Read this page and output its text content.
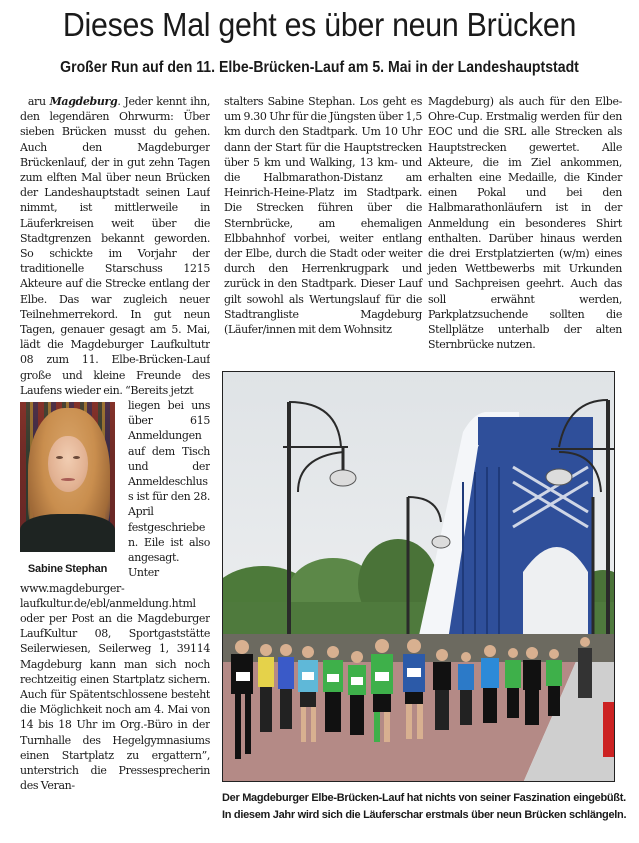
Dieses Mal geht es über neun Brücken
Großer Run auf den 11. Elbe-Brücken-Lauf am 5. Mai in der Landeshauptstadt
aru Magdeburg. Jeder kennt ihn, den legendären Ohrwurm: Über sieben Brücken musst du gehen. Auch den Magdeburger Brückenlauf, der in gut zehn Tagen zum elften Mal über neun Brücken der Landeshauptstadt seinen Lauf nimmt, ist mittlerweile in Läuferkreisen weit über die Stadtgrenzen bekannt geworden. So schickte im Vorjahr der traditionelle Starschuss 1215 Akteure auf die Strecke entlang der Elbe. Das war zugleich neuer Teilnehmerrekord. In gut neun Tagen, genauer gesagt am 5. Mai, lädt die Magdeburger Laufkultutr 08 zum 11. Elbe-Brücken-Lauf große und kleine Freunde des Laufens wieder ein. “Bereits jetzt
Sabine Stephan
liegen bei uns über 615 Anmeldungen auf dem Tisch und der Anmeldeschluss ist für den 28. April festgeschrieben. Eile ist also angesagt. Unter www.magdeburger-laufkultur.de/ebl/anmeldung.html oder per Post an die Magdeburger LaufKultur 08, Sportgaststätte Seilerwiesen, Seilerweg 1, 39114 Magdeburg kann man sich noch rechtzeitig einen Startplatz sichern. Auch für Spätentschlossene besteht die Möglichkeit noch am 4. Mai von 14 bis 18 Uhr im Org.-Büro in der Turnhalle des Hegelgymnasiums einen Startplatz zu ergattern”, unterstrich die Pressesprecherin des Veran-
stalters Sabine Stephan. Los geht es um 9.30 Uhr für die Jüngsten über 1,5 km durch den Stadtpark. Um 10 Uhr dann der Start für die Hauptstrecken über 5 km und Walking, 13 km- und die Halbmarathon-Distanz am Heinrich-Heine-Platz im Stadtpark. Die Strecken führen über die Sternbrücke, am ehemaligen Elbbahnhof vorbei, weiter entlang der Elbe, durch die Stadt oder weiter durch den Herrenkrugpark und zurück in den Stadtpark. Dieser Lauf gilt sowohl als Wertungslauf für die Stadtrangliste Magdeburg (Läufer/innen mit dem Wohnsitz
Magdeburg) als auch für den Elbe-Ohre-Cup. Erstmalig werden für den EOC und die SRL alle Strecken als Hauptstrecken gewertet. Alle Akteure, die im Ziel ankommen, erhalten eine Medaille, die Kinder einen Pokal und bei den Halbmarathonläufern ist in der Anmeldung ein besonderes Shirt enthalten. Darüber hinaus werden die drei Erstplatzierten (w/m) eines jeden Wettbewerbs mit Urkunden und Sachpreisen geehrt. Auch das soll erwähnt werden, Parkplatzsuchende sollten die Stellplätze unterhalb der alten Sternbrücke nutzen.
Der Magdeburger Elbe-Brücken-Lauf hat nichts von seiner Faszination eingebüßt.
In diesem Jahr wird sich die Läuferschar erstmals über neun Brücken schlängeln.
